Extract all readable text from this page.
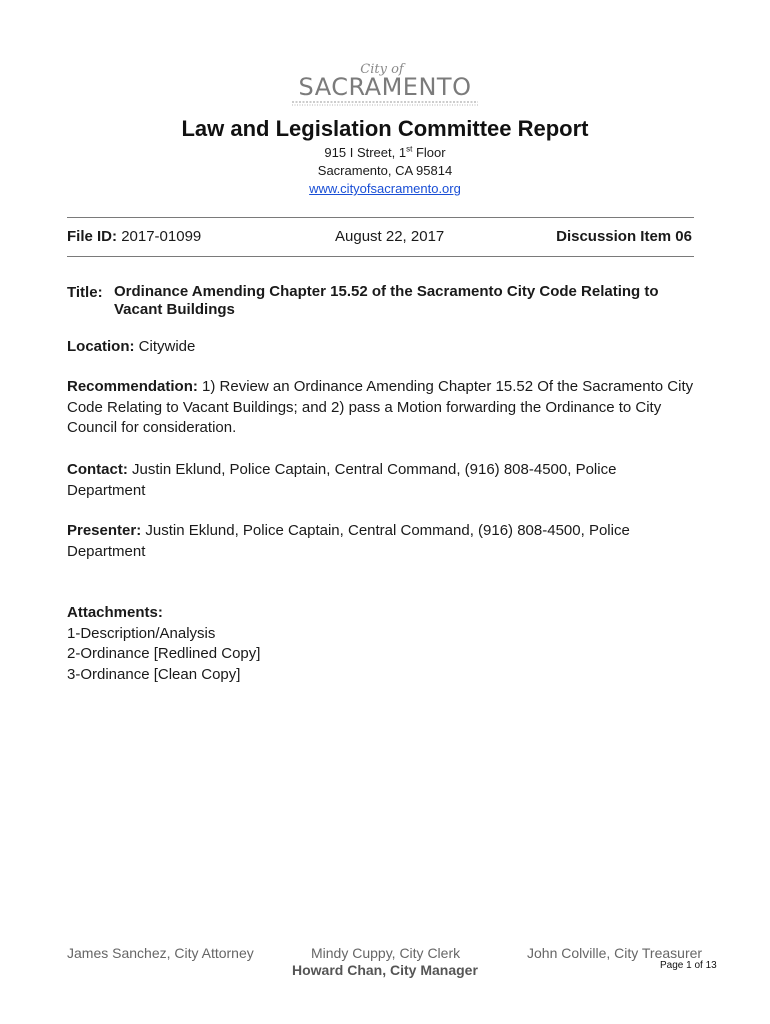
City of
SACRAMENTO
Law and Legislation Committee Report
915 I Street, 1st Floor
Sacramento, CA 95814
www.cityofsacramento.org
File ID: 2017-01099	August 22, 2017	Discussion Item 06
Title: Ordinance Amending Chapter 15.52 of the Sacramento City Code Relating to Vacant Buildings
Location: Citywide
Recommendation: 1) Review an Ordinance Amending Chapter 15.52 Of the Sacramento City
Code Relating to Vacant Buildings; and 2) pass a Motion forwarding the Ordinance to City
Council for consideration.
Contact: Justin Eklund, Police Captain, Central Command, (916) 808-4500, Police
Department
Presenter: Justin Eklund, Police Captain, Central Command, (916) 808-4500, Police
Department
Attachments:
1-Description/Analysis
2-Ordinance [Redlined Copy]
3-Ordinance [Clean Copy]
James Sanchez, City Attorney	Mindy Cuppy, City Clerk	John Colville, City Treasurer
Howard Chan, City Manager	Page 1 of 13
